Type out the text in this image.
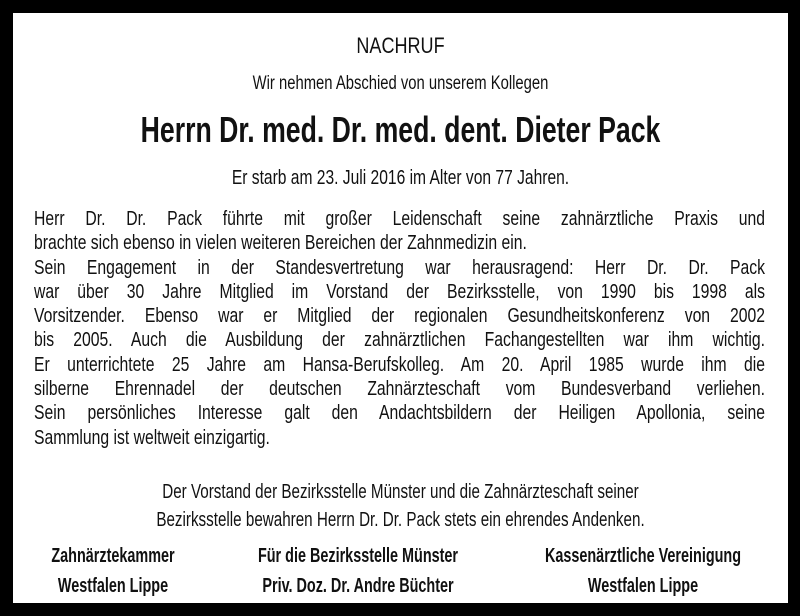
NACHRUF
Wir nehmen Abschied von unserem Kollegen
Herrn Dr. med. Dr. med. dent. Dieter Pack
Er starb am 23. Juli 2016 im Alter von 77 Jahren.
Herr Dr. Dr. Pack führte mit großer Leidenschaft seine zahnärztliche Praxis und
brachte sich ebenso in vielen weiteren Bereichen der Zahnmedizin ein.
Sein Engagement in der Standesvertretung war herausragend: Herr Dr. Dr. Pack
war über 30 Jahre Mitglied im Vorstand der Bezirksstelle, von 1990 bis 1998 als
Vorsitzender. Ebenso war er Mitglied der regionalen Gesundheitskonferenz von 2002
bis 2005. Auch die Ausbildung der zahnärztlichen Fachangestellten war ihm wichtig.
Er unterrichtete 25 Jahre am Hansa-Berufskolleg. Am 20. April 1985 wurde ihm die
silberne Ehrennadel der deutschen Zahnärzteschaft vom Bundesverband verliehen.
Sein persönliches Interesse galt den Andachtsbildern der Heiligen Apollonia, seine
Sammlung ist weltweit einzigartig.
Der Vorstand der Bezirksstelle Münster und die Zahnärzteschaft seiner
Bezirksstelle bewahren Herrn Dr. Dr. Pack stets ein ehrendes Andenken.
Zahnärztekammer
Westfalen Lippe
Für die Bezirksstelle Münster
Priv. Doz. Dr. Andre Büchter
Kassenärztliche Vereinigung
Westfalen Lippe
